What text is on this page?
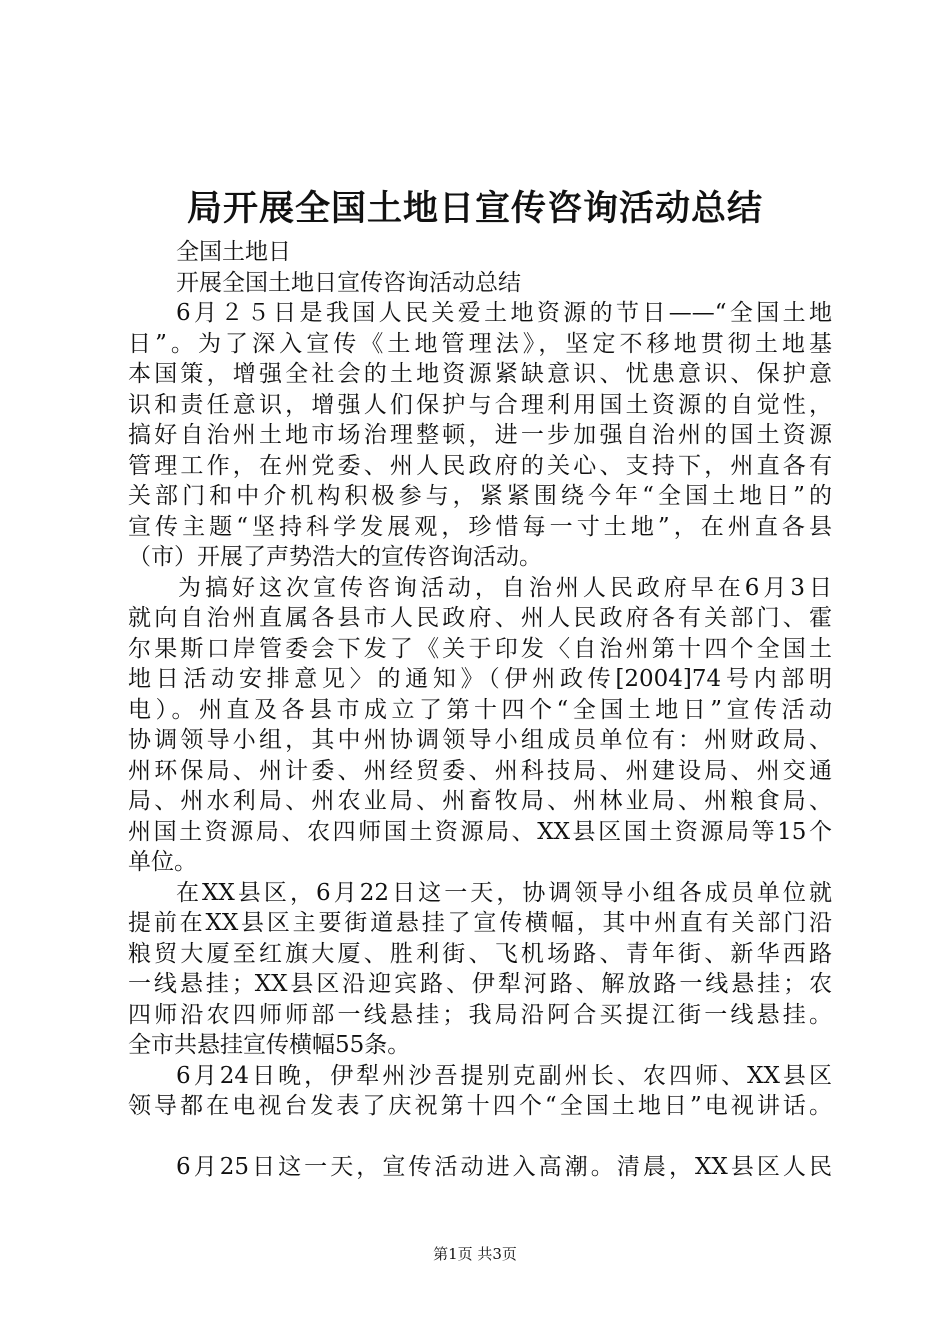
局开展全国土地日宣传咨询活动总结
全国土地日
开展全国土地日宣传咨询活动总结
6月２５日是我国人民关爱土地资源的节日——“全国土地
日”。为了深入宣传《土地管理法》，坚定不移地贯彻土地基
本国策，增强全社会的土地资源紧缺意识、忧患意识、保护意
识和责任意识，增强人们保护与合理利用国土资源的自觉性，
搞好自治州土地市场治理整顿，进一步加强自治州的国土资源
管理工作，在州党委、州人民政府的关心、支持下，州直各有
关部门和中介机构积极参与，紧紧围绕今年“全国土地日”的
宣传主题“坚持科学发展观，珍惜每一寸土地”，在州直各县
（市）开展了声势浩大的宣传咨询活动。
为搞好这次宣传咨询活动，自治州人民政府早在6月3日
就向自治州直属各县市人民政府、州人民政府各有关部门、霍
尔果斯口岸管委会下发了《关于印发〈自治州第十四个全国土
地日活动安排意见〉的通知》（伊州政传[2004]74号内部明
电）。州直及各县市成立了第十四个“全国土地日”宣传活动
协调领导小组，其中州协调领导小组成员单位有：州财政局、
州环保局、州计委、州经贸委、州科技局、州建设局、州交通
局、州水利局、州农业局、州畜牧局、州林业局、州粮食局、
州国土资源局、农四师国土资源局、XX县区国土资源局等15个
单位。
在XX县区，6月22日这一天，协调领导小组各成员单位就
提前在XX县区主要街道悬挂了宣传横幅，其中州直有关部门沿
粮贸大厦至红旗大厦、胜利街、飞机场路、青年街、新华西路
一线悬挂；XX县区沿迎宾路、伊犁河路、解放路一线悬挂；农
四师沿农四师师部一线悬挂；我局沿阿合买提江街一线悬挂。
全市共悬挂宣传横幅55条。
6月24日晚，伊犁州沙吾提别克副州长、农四师、XX县区
领导都在电视台发表了庆祝第十四个“全国土地日”电视讲话。
6月25日这一天，宣传活动进入高潮。清晨，XX县区人民
第1页 共3页
